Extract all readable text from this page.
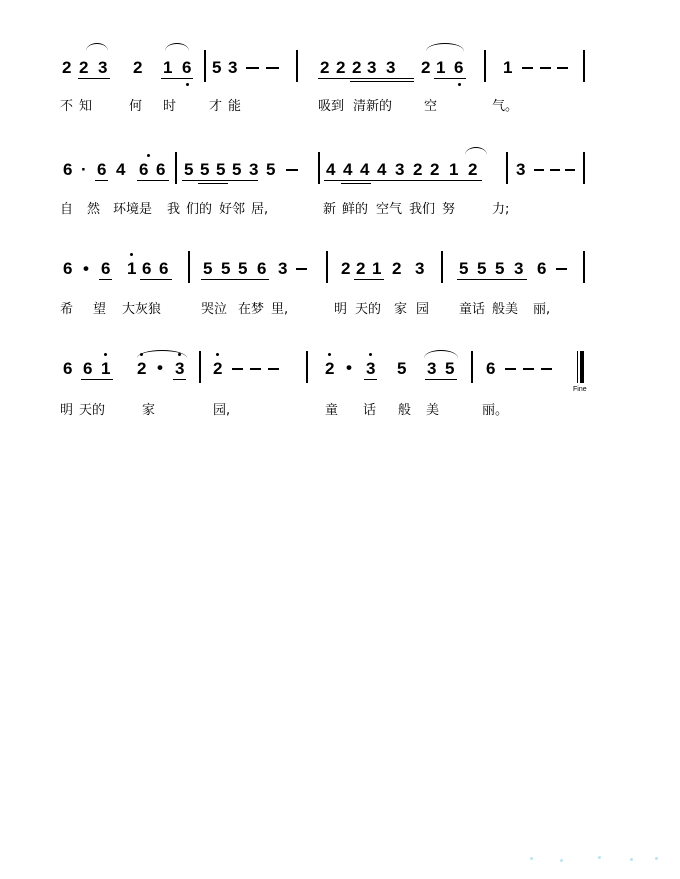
2 2 3 2 1 6 5 3	2 2 2 3 3 2 1 6 1
不 知	何 时	才 能	吸到 清新的 空	气。
6 · 6 4 6 6 5 5 5 5 3 5	4 4 4 4 3 2 2 1 2 3
自 然 环境是 我 们的 好邻 居,	新 鲜的 空气 我们 努	力;
6 • 6 1 6 6 5 5 5 6 3	2 2 1 2 3 5 5 5 3 6
希 望 大灰狼	哭泣 在梦 里,	明 天的 家 园 童话 般美 丽,
6 6 1 2 • 3 2	2 • 3 5 3 5 6
Fine
明 天的	家	园,	童 话 般 美	丽。
